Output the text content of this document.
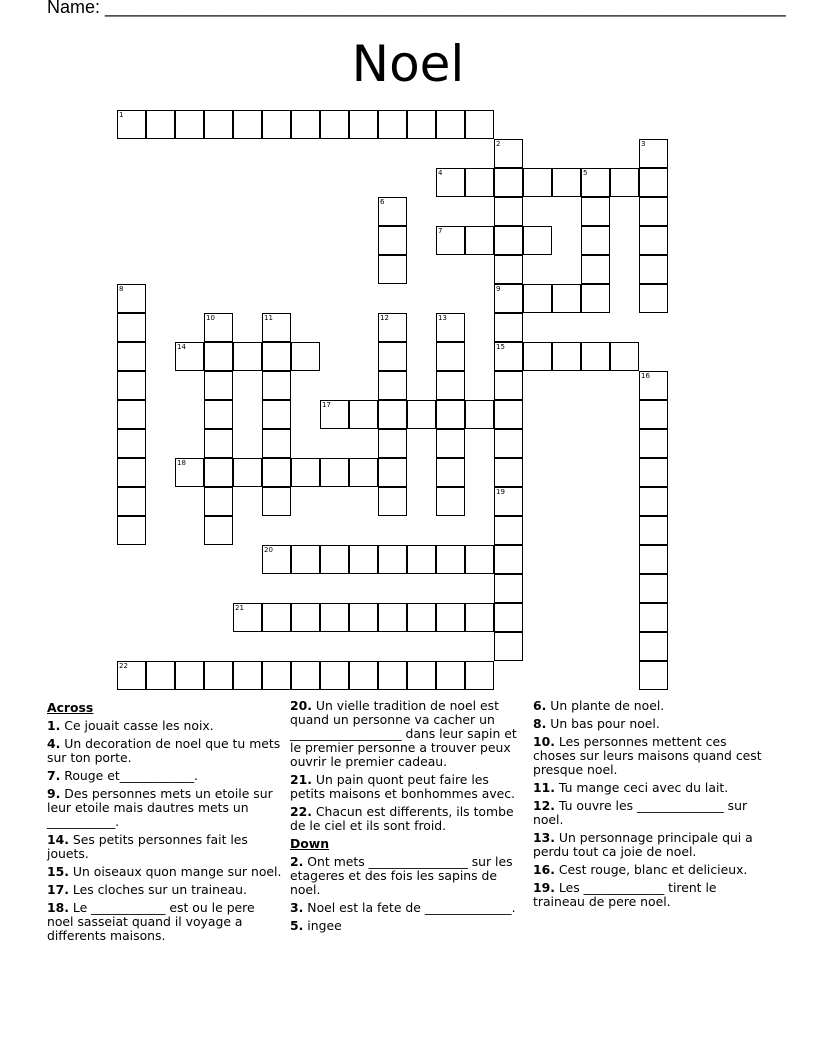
Name: ____________________________________________________________________
Noel
1
4	5
7
9
14	15
17
18
20
21
22
2	3
6
8
10	11	12	13
16
19
Across
1. Ce jouait casse les noix.
4. Un decoration de noel que tu mets sur ton porte.
7. Rouge et____________.
9. Des personnes mets un etoile sur leur etoile mais dautres mets un ___________.
14. Ses petits personnes fait les jouets.
15. Un oiseaux quon mange sur noel.
17. Les cloches sur un traineau.
18. Le ____________ est ou le pere noel sasseiat quand il voyage a differents maisons.
20. Un vielle tradition de noel est quand un personne va cacher un __________________ dans leur sapin et le premier personne a trouver peux ouvrir le premier cadeau.
21. Un pain quont peut faire les petits maisons et bonhommes avec.
22. Chacun est differents, ils tombe de le ciel et ils sont froid.
Down
2. Ont mets ________________ sur les etageres et des fois les sapins de noel.
3. Noel est la fete de ______________.
5. ingee
6. Un plante de noel.
8. Un bas pour noel.
10. Les personnes mettent ces choses sur leurs maisons quand cest presque noel.
11. Tu mange ceci avec du lait.
12. Tu ouvre les ______________ sur noel.
13. Un personnage principale qui a perdu tout ca joie de noel.
16. Cest rouge, blanc et delicieux.
19. Les _____________ tirent le traineau de pere noel.
